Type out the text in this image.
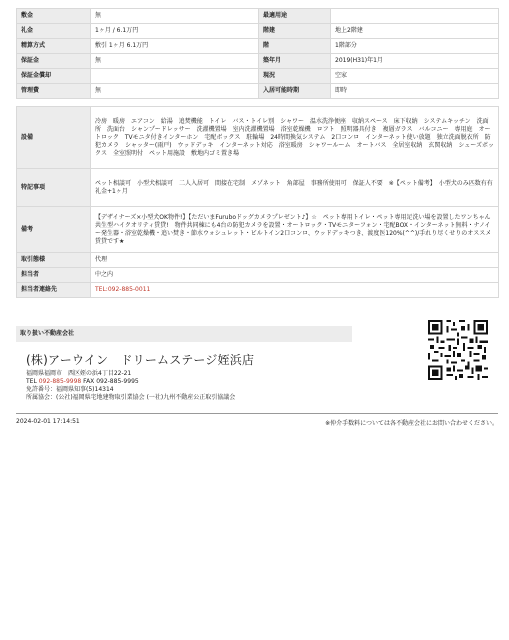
敷金	無	最適用途	
礼金	1ヶ月 / 6.1万円	階建	地上2階建
精算方式	敷引 1ヶ月 6.1万円	階	1階部分
保証金	無	築年月	2019(H31)年1月
保証金償却		現況	空家
管理費	無	入居可能時期	即時
設備	冷房　暖房　エアコン　給湯　追焚機能　トイレ　バス・トイレ別　シャワー　温水洗浄便座　収納スペース　床下収納　システムキッチン　洗面所　洗面台　シャンプードレッサー　洗濯機置場　室内洗濯機置場　浴室乾燥機　ロフト　照明器具付き　複層ガラス　バルコニー　専用庭　オートロック　TVモニタ付きインターホン　宅配ボックス　駐輪場　24時間換気システム　2口コンロ　インターネット使い放題　独立洗面脱衣所　防犯カメラ　シャッター(雨戸)　ウッドデッキ　インターネット対応　浴室暖房　シャワールーム　オートバス　全居室収納　玄関収納　シューズボックス　全室照明付　ペット用施設　敷地内ゴミ置き場
特記事項	ペット相談可　小型犬相談可　二人入居可　間接在宅制　メゾネット　角部屋　事務所使用可　保証人不要　※【ペット備考】　小型犬のみ匹数有有　礼金+1ヶ月
備考	【デザイナーズ×小型犬OK物件!】【ただいまFuruboドッグカメラプレゼント♪】☆　ペット専用トイレ・ペット専用足洗い場を設置したワンちゃん共生型ハイクオリティ賃貸!　物件共同棟にも4台の防犯カメラを設置・オートロック・TVモニターフォン・宅配BOX・インターネット無料・ナノイー発生器・浴室乾燥機・追い焚き・節水ウォシュレット・ビルトイン2口コンロ、ウッドデッキつき、渡度医120%(^^)/手れり尽くせりのオススメ賃貸です★
取引態様	代理
担当者	中之内
担当者連絡先	TEL:092-885-0011
取り扱い不動産会社
(株)アーウイン　ドリームステージ姪浜店
福岡県福岡市　西区姪の浜4丁目22-21
TEL 092-885-9998 FAX 092-885-9995
免許番号：福岡県知事(5)14314
所属協会：(公社)福岡県宅地建物取引業協会 (一社)九州不動産公正取引協議会
2024-02-01 17:14:51	※仲介手数料については各不動産会社にお問い合わせください。
